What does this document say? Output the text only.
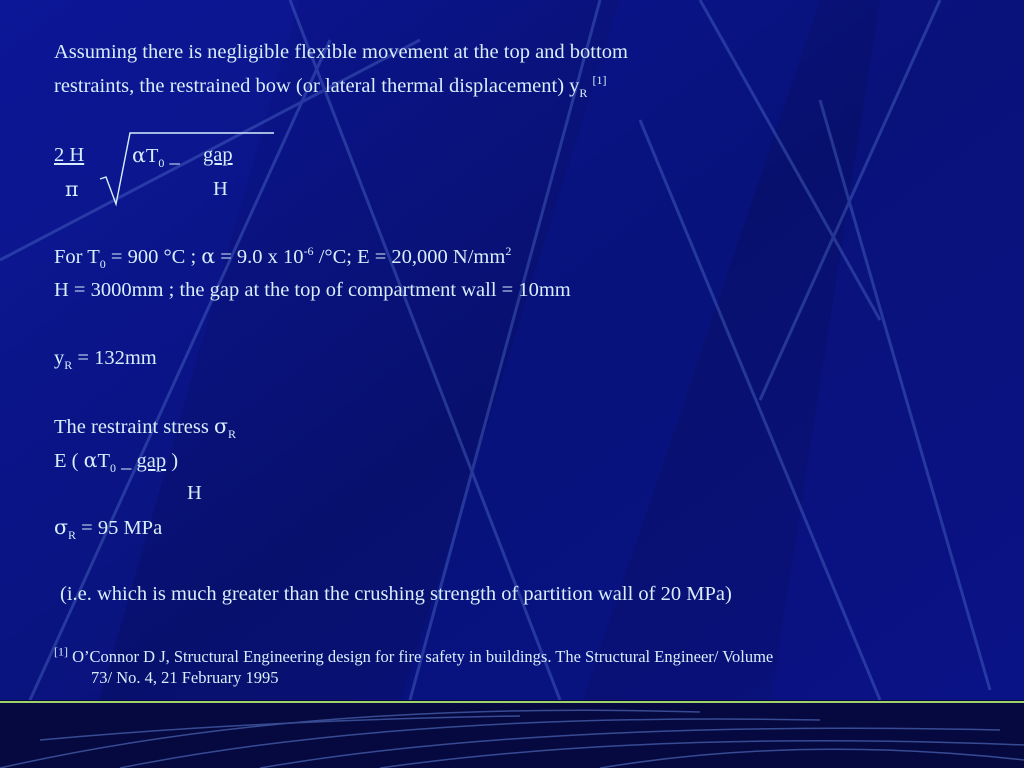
Assuming there is negligible flexible movement at the top and bottom
restraints, the restrained bow (or lateral thermal displacement) $y_R$ [1]
2 H
π
$\alpha T_0$ _ gap
H
For $T_0 = 900$ °C ; α = 9.0 x $10^{-6}$ /°C; E = 20,000 $N/mm^2$
H = 3000mm ; the gap at the top of compartment wall = 10mm
$y_R = 132mm$
The restraint stress $\sigma_R$
E ( $\alpha T_0$ _ gap )
H
$\sigma_R = 95$ MPa
(i.e. which is much greater than the crushing strength of partition wall of 20 MPa)
[1] O’Connor D J, Structural Engineering design for fire safety in buildings. The Structural Engineer/ Volume
73/ No. 4, 21 February 1995
